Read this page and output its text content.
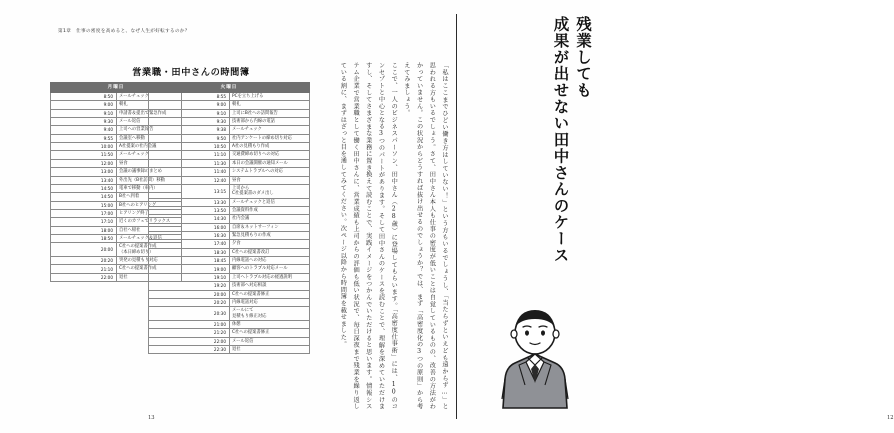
第1章　仕事の密度を高めると、なぜ人生が好転するのか？
営業職・田中さんの時間簿
月曜日	
8:50	メールチェック
9:00	朝礼
9:10	申請書＆提出で緊急作成
9:30	メール返信
9:40	上司への営業報告
9:55	会議室へ移動
10:00	A社提案の社内会議
11:50	メールチェック
12:00	昼食
13:00	会議の議事録のまとめ
13:40	外出先（B社訪問）移動
14:50	電車で移動（車内）
14:50	B社へ到着
15:00	B社へのヒアリング
17:00	ヒアリング終了
17:10	近くのカフェでリラックス
18:00	自社へ帰社
18:50	メールチェック＆返信
20:00	C社への提案書作成
（本日締め切り）

20:20	突発の見積もり対応
21:10	C社への提案書作成
22:00	退社
火曜日	
8:55	PCを立ち上げる
9:00	朝礼
9:10	上司にB社への訪問報告
9:30	技術部から内線の電話
9:38	メールチェック
9:50	社内アンケートの締め切り対応
10:50	A社の見積もり作成
11:10	交通費締め切りへの対応
11:30	本日の会議開催の通知メール
11:40	システムトラブルへの対応
12:40	昼食
13:15	上司から
C社提案書のダメ出し

13:30	メールチェックと返信
13:50	会議資料作成
14:30	社内会議
16:00	自席＆ネットサーフィン
16:30	緊急見積もりの作成
17:40	夕食
18:30	C社への提案書改訂
18:45	内線電話への対応
19:00	顧客へのトラブル対応メール
19:10	上司へトラブル対応の経過説明
19:20	技術部へ対応相談
20:00	C社への提案書修正
20:20	内線電話対応
20:30	メールにて
見積もり修正対応

21:00	休憩
21:20	C社への提案書修正
22:00	メール返信
22:30	退社
13

「私はここまでひどい働き方はしていない！」という方もいるでしょうし、「当たらずといえども遠からず…」と思われる方もいるでしょう。さて、田中さん本人も仕事の密度が低いことは自覚しているものの、改善の方法がわかっていません。この状況からどうすれば抜け出せるのでしょうか？では、まず「高密度化の3つの原則」から考えてみましょう。

ここで、一人のビジネスパーソン、田中さん（28歳）に登場してもらいます。「高密度仕事術」には、10のコンセプトと中心となる3つのパートがあります。そして田中さんのケースを読むことで、理解を深めていただけますし、そしてさまざまな業務に置き換えて読むことで、実践イメージをつかんでいただけると思います。情報システム企業で営業職として働く田中さんに、営業成績も上司からの評価も低い状況で、毎日深夜まで残業を繰り返している割に、まずはざっと目を通してみてください。次ページ以降から時間簿を載せました。

残業しても
成果が出せない田中さんのケース
12
